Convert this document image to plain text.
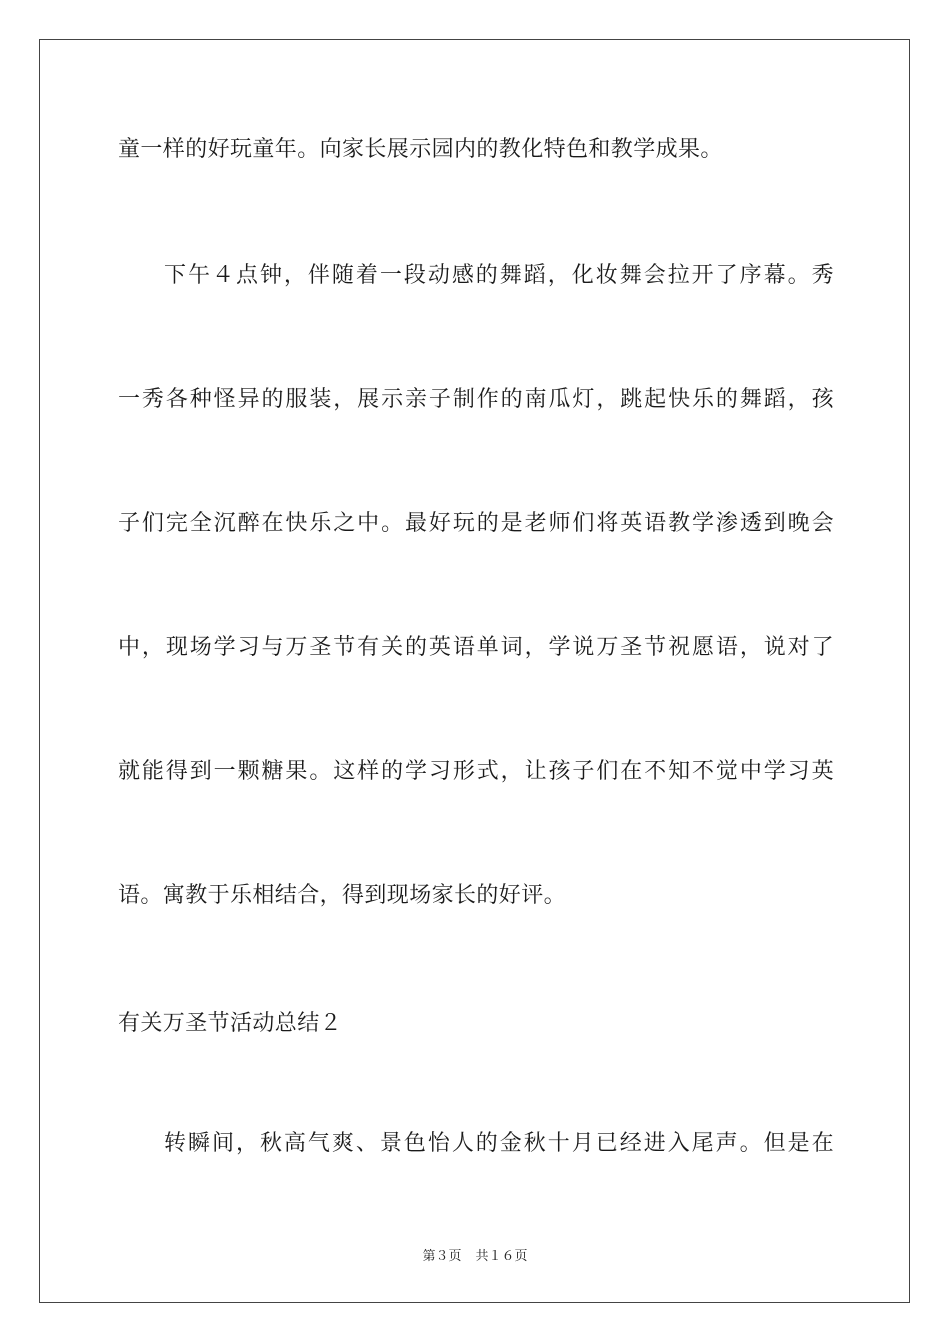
童一样的好玩童年。向家长展示园内的教化特色和教学成果。
下午４点钟，伴随着一段动感的舞蹈，化妆舞会拉开了序幕。秀
一秀各种怪异的服装，展示亲子制作的南瓜灯，跳起快乐的舞蹈，孩
子们完全沉醉在快乐之中。最好玩的是老师们将英语教学渗透到晚会
中，现场学习与万圣节有关的英语单词，学说万圣节祝愿语，说对了
就能得到一颗糖果。这样的学习形式，让孩子们在不知不觉中学习英
语。寓教于乐相结合，得到现场家长的好评。
有关万圣节活动总结２
转瞬间，秋高气爽、景色怡人的金秋十月已经进入尾声。但是在
第３页 共１６页
